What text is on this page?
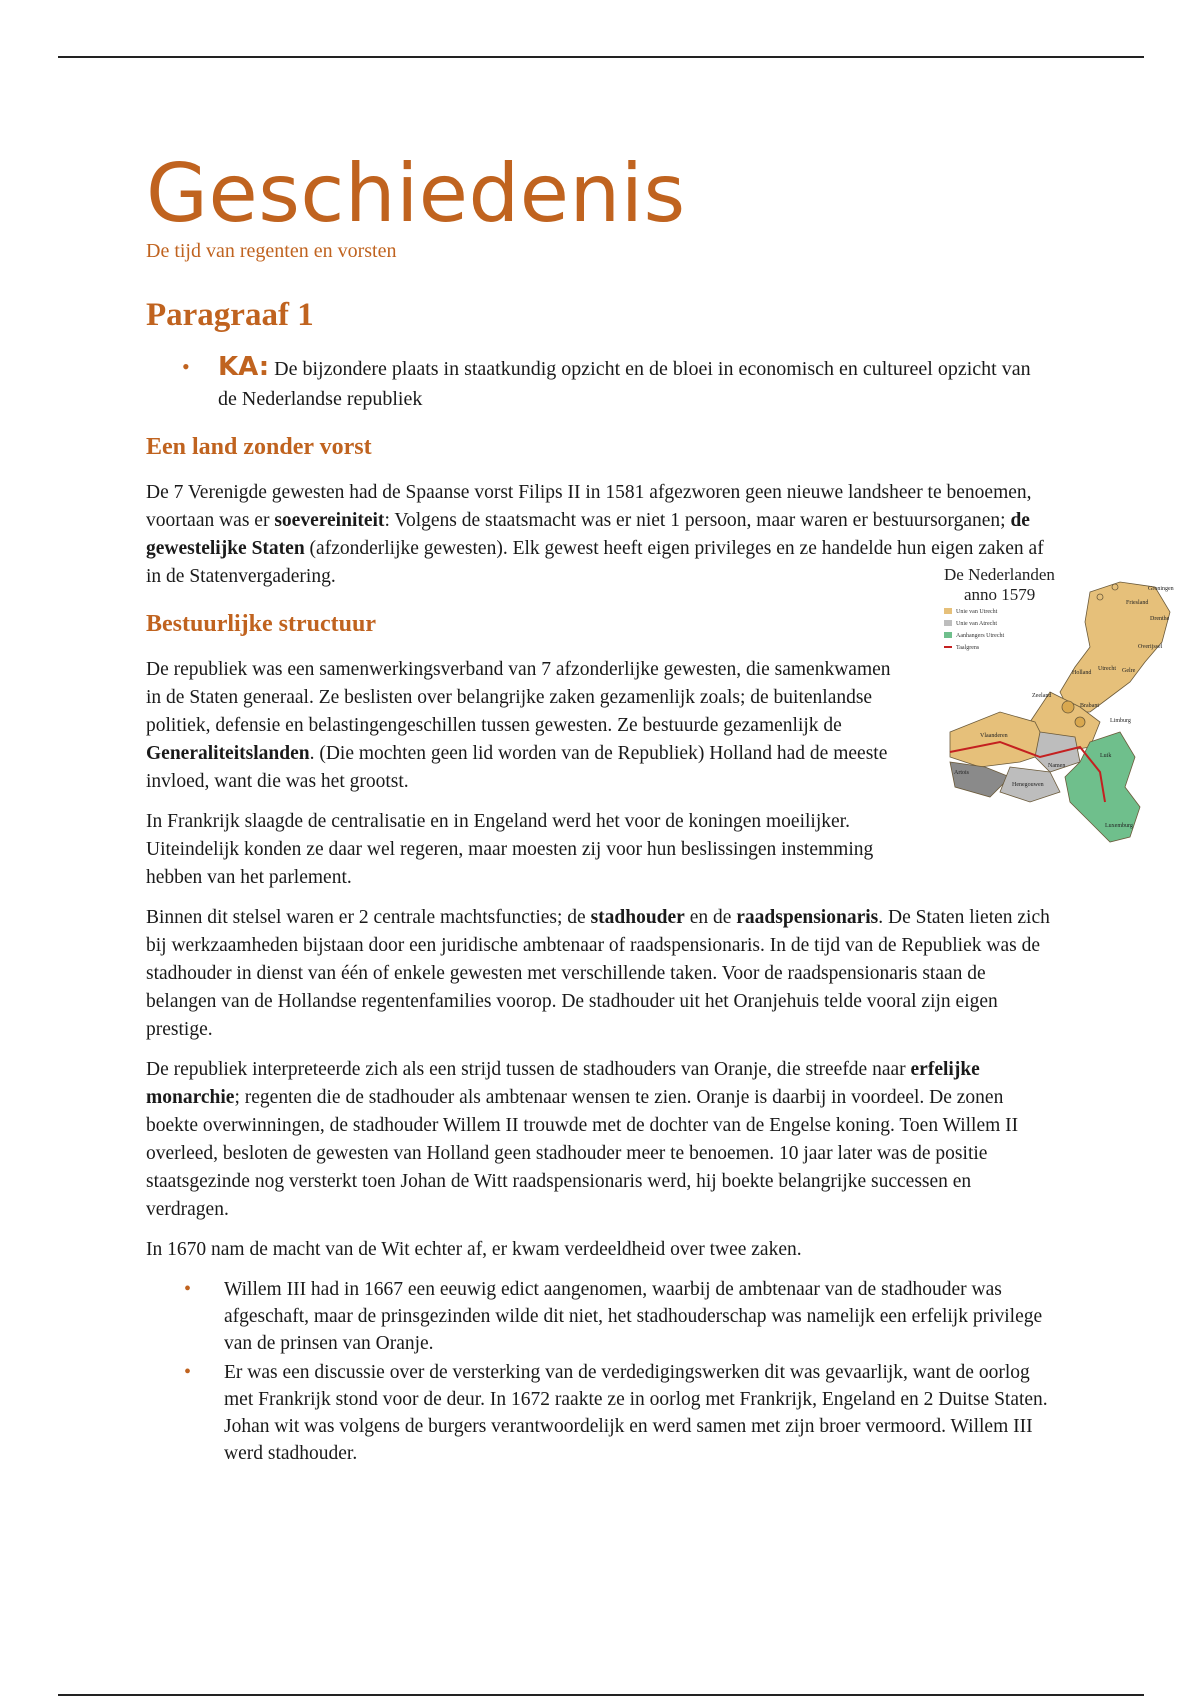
Geschiedenis
De tijd van regenten en vorsten
Paragraaf 1
• KA: De bijzondere plaats in staatkundig opzicht en de bloei in economisch en cultureel opzicht van de Nederlandse republiek
Een land zonder vorst

De 7 Verenigde gewesten had de Spaanse vorst Filips II in 1581 afgezworen geen nieuwe landsheer te benoemen, voortaan was er soevereiniteit: Volgens de staatsmacht was er niet 1 persoon, maar waren er bestuursorganen; de gewestelijke Staten (afzonderlijke gewesten). Elk gewest heeft eigen privileges en ze handelde hun eigen zaken af in de Statenvergadering.

Bestuurlijke structuur

De republiek was een samenwerkingsverband van 7 afzonderlijke gewesten, die samenkwamen in de Staten generaal. Ze beslisten over belangrijke zaken gezamenlijk zoals; de buitenlandse politiek, defensie en belastingengeschillen tussen gewesten. Ze bestuurde gezamenlijk de Generaliteitslanden. (Die mochten geen lid worden van de Republiek) Holland had de meeste invloed, want die was het grootst.

In Frankrijk slaagde de centralisatie en in Engeland werd het voor de koningen moeilijker. Uiteindelijk konden ze daar wel regeren, maar moesten zij voor hun beslissingen instemming hebben van het parlement.

Binnen dit stelsel waren er 2 centrale machtsfuncties; de stadhouder en de raadspensionaris. De Staten lieten zich bij werkzaamheden bijstaan door een juridische ambtenaar of raadspensionaris. In de tijd van de Republiek was de stadhouder in dienst van één of enkele gewesten met verschillende taken. Voor de raadspensionaris staan de belangen van de Hollandse regentenfamilies voorop. De stadhouder uit het Oranjehuis telde vooral zijn eigen prestige.

De republiek interpreteerde zich als een strijd tussen de stadhouders van Oranje, die streefde naar erfelijke monarchie; regenten die de stadhouder als ambtenaar wensen te zien. Oranje is daarbij in voordeel. De zonen boekte overwinningen, de stadhouder Willem II trouwde met de dochter van de Engelse koning. Toen Willem II overleed, besloten de gewesten van Holland geen stadhouder meer te benoemen. 10 jaar later was de positie staatsgezinde nog versterkt toen Johan de Witt raadspensionaris werd, hij boekte belangrijke successen en verdragen.

In 1670 nam de macht van de Wit echter af, er kwam verdeeldheid over twee zaken.

• Willem III had in 1667 een eeuwig edict aangenomen, waarbij de ambtenaar van de stadhouder was afgeschaft, maar de prinsgezinden wilde dit niet, het stadhouderschap was namelijk een erfelijk privilege van de prinsen van Oranje.
• Er was een discussie over de versterking van de verdedigingswerken dit was gevaarlijk, want de oorlog met Frankrijk stond voor de deur. In 1672 raakte ze in oorlog met Frankrijk, Engeland en 2 Duitse Staten. Johan wit was volgens de burgers verantwoordelijk en werd samen met zijn broer vermoord. Willem III werd stadhouder.
De Nederlanden
anno 1579
Unie van Utrecht
Unie van Atrecht
Aanhangers Utrecht
Taalgrens
Friesland
Groningen
Drenthe
Overijssel
Gelre
Utrecht
Holland
Zeeland
Brabant
Vlaanderen
Artois
Henegouwen
Namen
Luik
Limburg
Luxemburg
